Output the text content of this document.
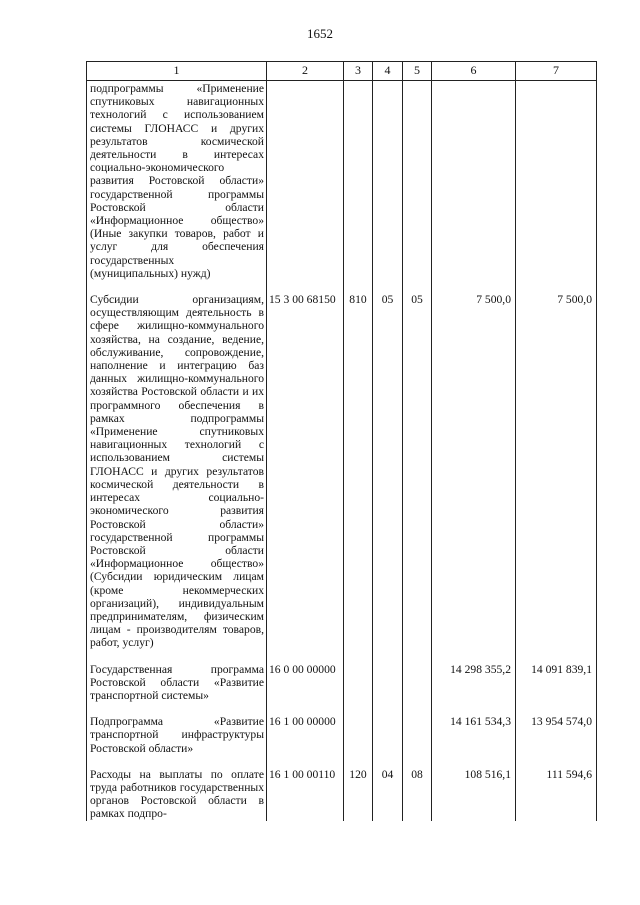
1652
1	2	3	4	5	6	7
подпрограммы «Применение спутниковых навигационных технологий с использованием системы ГЛОНАСС и других результатов космической деятельности в интересах социально-экономического развития Ростовской области» государственной программы Ростовской области «Информационное общество» (Иные закупки товаров, работ и услуг для обеспечения государственных (муниципальных) нужд)						

Субсидии организациям, осуществляющим деятельность в сфере жилищно-коммунального хозяйства, на создание, ведение, обслуживание, сопровождение, наполнение и интеграцию баз данных жилищно-коммунального хозяйства Ростовской области и их программного обеспечения в рамках подпрограммы «Применение спутниковых навигационных технологий с использованием системы ГЛОНАСС и других результатов космической деятельности в интересах социально-экономического развития Ростовской области» государственной программы Ростовской области «Информационное общество» (Субсидии юридическим лицам (кроме некоммерческих организаций), индивидуальным предпринимателям, физическим лицам - производителям товаров, работ, услуг)	15 3 00 68150	810	05	05	7 500,0	7 500,0

Государственная программа Ростовской области «Развитие транспортной системы»	16 0 00 00000				14 298 355,2	14 091 839,1

Подпрограмма «Развитие транспортной инфраструктуры Ростовской области»	16 1 00 00000				14 161 534,3	13 954 574,0

Расходы на выплаты по оплате труда работников государственных органов Ростовской области в рамках подпро-	16 1 00 00110	120	04	08	108 516,1	111 594,6
